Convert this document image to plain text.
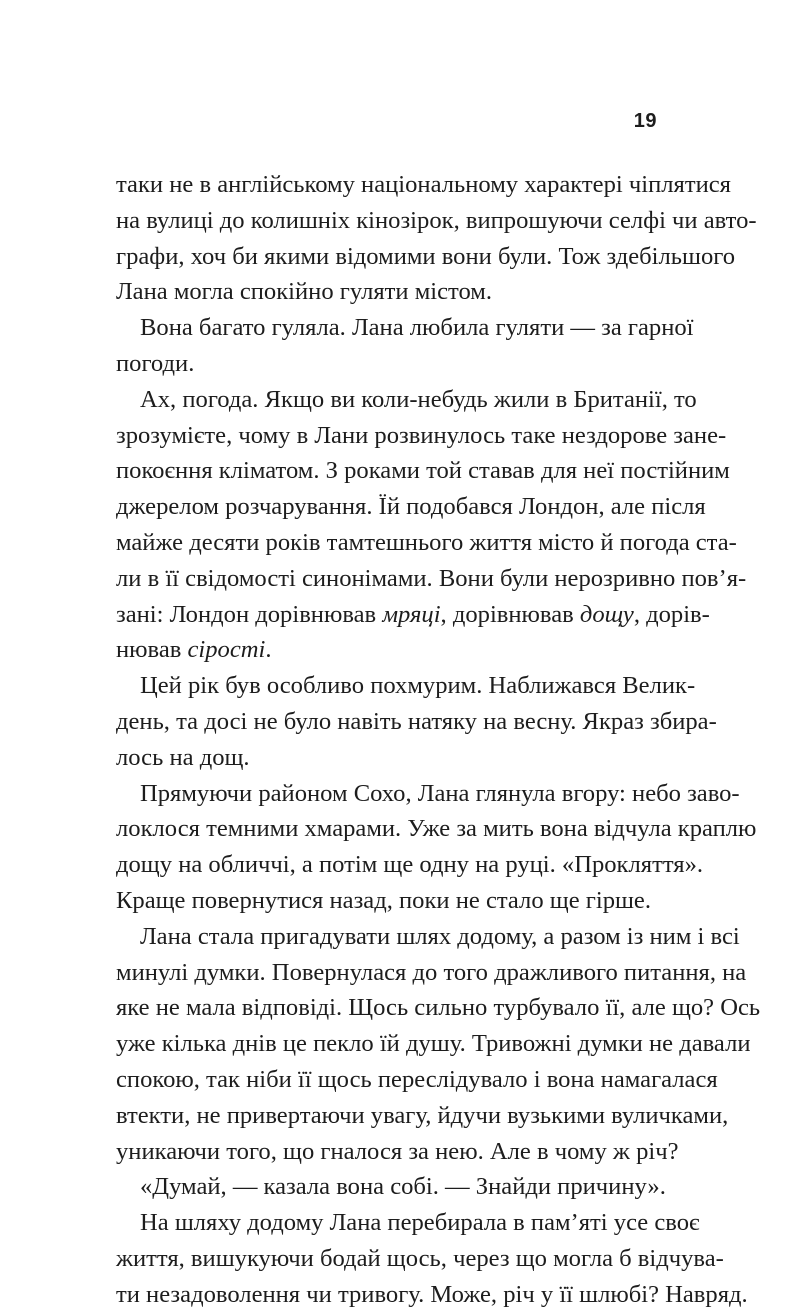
19
таки не в англійському національному характері чіплятися
на вулиці до колишніх кінозірок, випрошуючи селфі чи авто-
графи, хоч би якими відомими вони були. Тож здебільшого
Лана могла спокійно гуляти містом.
Вона багато гуляла. Лана любила гуляти — за гарної
погоди.
Ах, погода. Якщо ви коли-небудь жили в Британії, то
зрозумієте, чому в Лани розвинулось таке нездорове зане-
покоєння кліматом. З роками той ставав для неї постійним
джерелом розчарування. Їй подобався Лондон, але після
майже десяти років тамтешнього життя місто й погода ста-
ли в її свідомості синонімами. Вони були нерозривно пов’я-
зані: Лондон дорівнював мряці, дорівнював дощу, дорів-
нював сірості.
Цей рік був особливо похмурим. Наближався Велик-
день, та досі не було навіть натяку на весну. Якраз збира-
лось на дощ.
Прямуючи районом Сохо, Лана глянула вгору: небо заво-
локлося темними хмарами. Уже за мить вона відчула краплю
дощу на обличчі, а потім ще одну на руці. «Прокляття».
Краще повернутися назад, поки не стало ще гірше.
Лана стала пригадувати шлях додому, а разом із ним і всі
минулі думки. Повернулася до того дражливого питання, на
яке не мала відповіді. Щось сильно турбувало її, але що? Ось
уже кілька днів це пекло їй душу. Тривожні думки не давали
спокою, так ніби її щось переслідувало і вона намагалася
втекти, не привертаючи увагу, йдучи вузькими вуличками,
уникаючи того, що гналося за нею. Але в чому ж річ?
«Думай, — казала вона собі. — Знайди причину».
На шляху додому Лана перебирала в пам’яті усе своє
життя, вишукуючи бодай щось, через що могла б відчува-
ти незадоволення чи тривогу. Може, річ у її шлюбі? Навряд.
